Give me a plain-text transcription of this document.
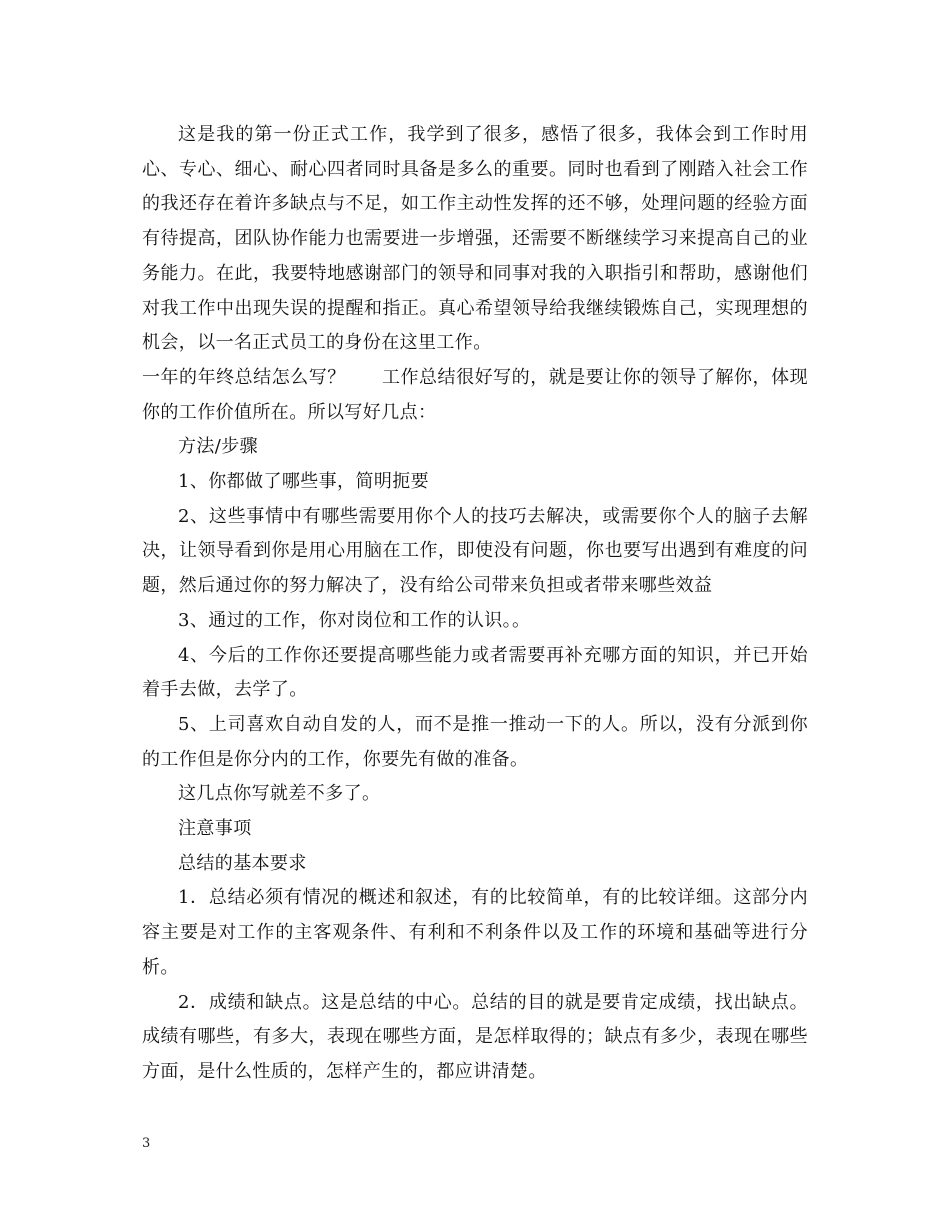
这是我的第一份正式工作，我学到了很多，感悟了很多，我体会到工作时用心、专心、细心、耐心四者同时具备是多么的重要。同时也看到了刚踏入社会工作的我还存在着许多缺点与不足，如工作主动性发挥的还不够，处理问题的经验方面有待提高，团队协作能力也需要进一步增强，还需要不断继续学习来提高自己的业务能力。在此，我要特地感谢部门的领导和同事对我的入职指引和帮助，感谢他们对我工作中出现失误的提醒和指正。真心希望领导给我继续锻炼自己，实现理想的机会，以一名正式员工的身份在这里工作。

一年的年终总结怎么写？ 工作总结很好写的，就是要让你的领导了解你，体现你的工作价值所在。所以写好几点：

方法/步骤

1、你都做了哪些事，简明扼要

2、这些事情中有哪些需要用你个人的技巧去解决，或需要你个人的脑子去解决，让领导看到你是用心用脑在工作，即使没有问题，你也要写出遇到有难度的问题，然后通过你的努力解决了，没有给公司带来负担或者带来哪些效益

3、通过的工作，你对岗位和工作的认识。。

4、今后的工作你还要提高哪些能力或者需要再补充哪方面的知识，并已开始着手去做，去学了。

5、上司喜欢自动自发的人，而不是推一推动一下的人。所以，没有分派到你的工作但是你分内的工作，你要先有做的准备。

这几点你写就差不多了。

注意事项

总结的基本要求

1．总结必须有情况的概述和叙述，有的比较简单，有的比较详细。这部分内容主要是对工作的主客观条件、有利和不利条件以及工作的环境和基础等进行分析。

2．成绩和缺点。这是总结的中心。总结的目的就是要肯定成绩，找出缺点。成绩有哪些，有多大，表现在哪些方面，是怎样取得的；缺点有多少，表现在哪些方面，是什么性质的，怎样产生的，都应讲清楚。

3
